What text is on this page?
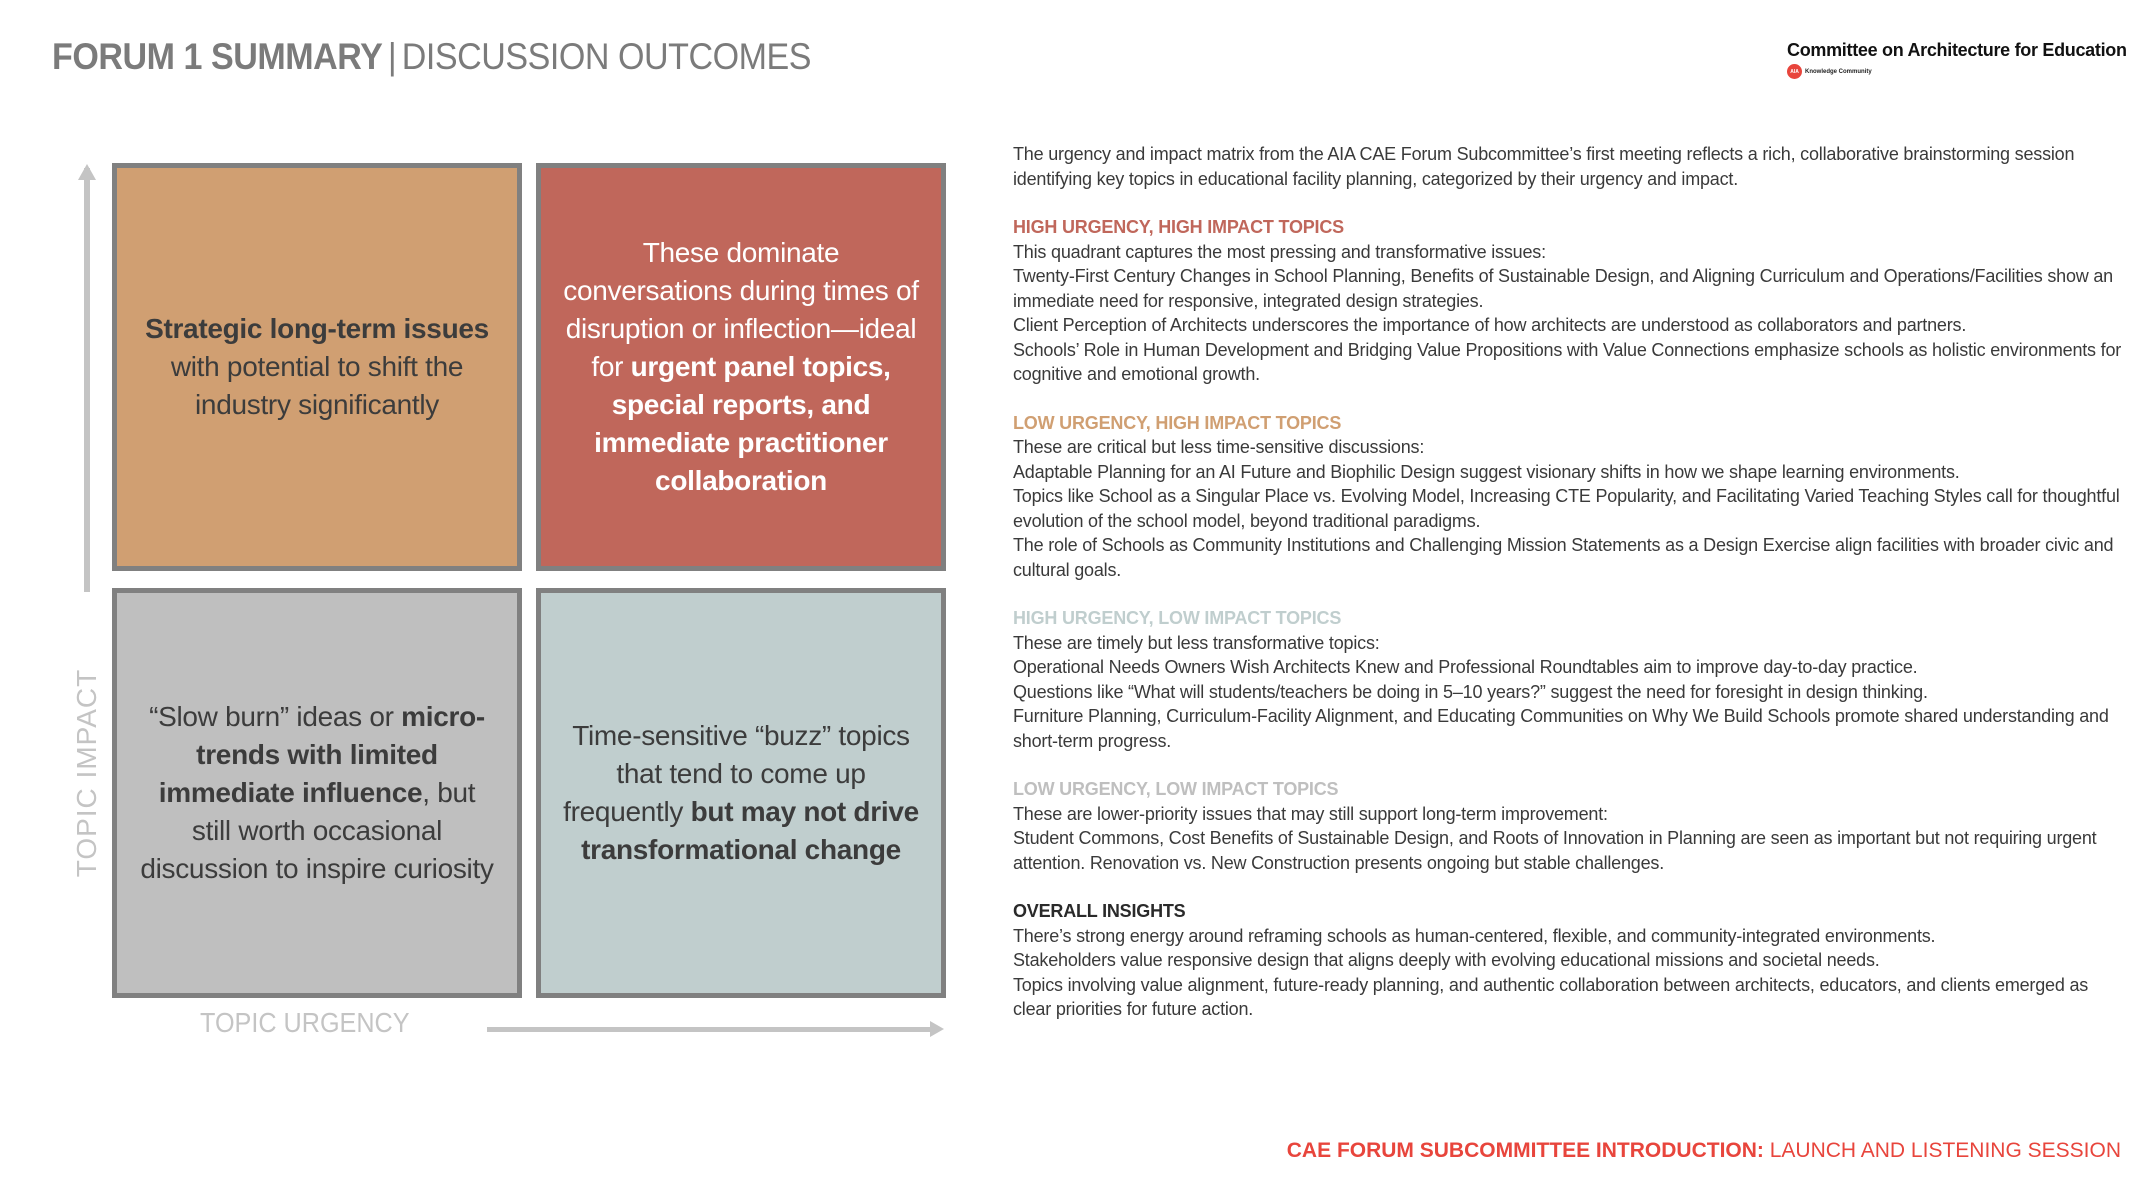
FORUM 1 SUMMARY | DISCUSSION OUTCOMES	Committee on Architecture for Education
AIA	Knowledge Community
TOPIC IMPACT
Strategic long-term issues with potential to shift the industry significantly
These dominate conversations during times of disruption or inflection—ideal for urgent panel topics, special reports, and immediate practitioner collaboration
“Slow burn” ideas or micro-trends with limited immediate influence, but still worth occasional discussion to inspire curiosity
Time-sensitive “buzz” topics that tend to come up frequently but may not drive transformational change
TOPIC URGENCY

The urgency and impact matrix from the AIA CAE Forum Subcommittee’s first meeting reflects a rich, collaborative brainstorming session identifying key topics in educational facility planning, categorized by their urgency and impact.

HIGH URGENCY, HIGH IMPACT TOPICS

This quadrant captures the most pressing and transformative issues:

Twenty-First Century Changes in School Planning, Benefits of Sustainable Design, and Aligning Curriculum and Operations/Facilities show an immediate need for responsive, integrated design strategies.

Client Perception of Architects underscores the importance of how architects are understood as collaborators and partners.

Schools’ Role in Human Development and Bridging Value Propositions with Value Connections emphasize schools as holistic environments for cognitive and emotional growth.

LOW URGENCY, HIGH IMPACT TOPICS

These are critical but less time-sensitive discussions:

Adaptable Planning for an AI Future and Biophilic Design suggest visionary shifts in how we shape learning environments.

Topics like School as a Singular Place vs. Evolving Model, Increasing CTE Popularity, and Facilitating Varied Teaching Styles call for thoughtful evolution of the school model, beyond traditional paradigms.

The role of Schools as Community Institutions and Challenging Mission Statements as a Design Exercise align facilities with broader civic and cultural goals.

HIGH URGENCY, LOW IMPACT TOPICS

These are timely but less transformative topics:

Operational Needs Owners Wish Architects Knew and Professional Roundtables aim to improve day-to-day practice.

Questions like “What will students/teachers be doing in 5–10 years?” suggest the need for foresight in design thinking.

Furniture Planning, Curriculum-Facility Alignment, and Educating Communities on Why We Build Schools promote shared understanding and short-term progress.

LOW URGENCY, LOW IMPACT TOPICS

These are lower-priority issues that may still support long-term improvement:

Student Commons, Cost Benefits of Sustainable Design, and Roots of Innovation in Planning are seen as important but not requiring urgent attention. Renovation vs. New Construction presents ongoing but stable challenges.

OVERALL INSIGHTS

There’s strong energy around reframing schools as human-centered, flexible, and community-integrated environments.

Stakeholders value responsive design that aligns deeply with evolving educational missions and societal needs.

Topics involving value alignment, future-ready planning, and authentic collaboration between architects, educators, and clients emerged as clear priorities for future action.

CAE FORUM SUBCOMMITTEE INTRODUCTION: LAUNCH AND LISTENING SESSION
